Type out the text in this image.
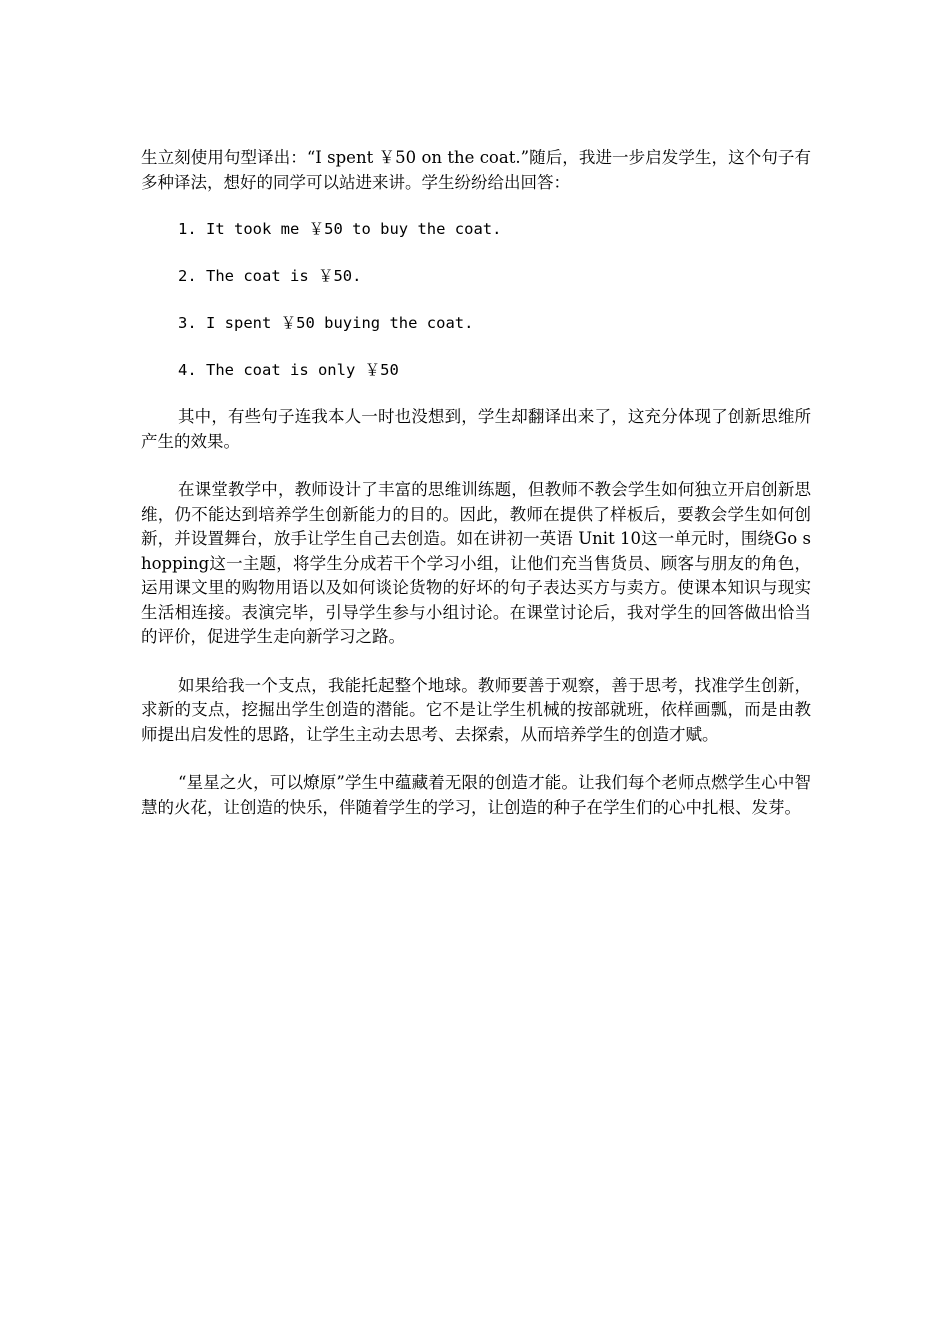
生立刻使用句型译出：“I spent ￥50 on the coat.”随后，我进一步启发学生，这个句子有多种译法，想好的同学可以站进来讲。学生纷纷给出回答：

1. It took me ￥50 to buy the coat.
2. The coat is ￥50.
3. I spent ￥50 buying the coat.
4. The coat is only ￥50

其中，有些句子连我本人一时也没想到，学生却翻译出来了，这充分体现了创新思维所产生的效果。

在课堂教学中，教师设计了丰富的思维训练题，但教师不教会学生如何独立开启创新思维，仍不能达到培养学生创新能力的目的。因此，教师在提供了样板后，要教会学生如何创新，并设置舞台，放手让学生自己去创造。如在讲初一英语 Unit 10这一单元时，围绕Go shopping这一主题，将学生分成若干个学习小组，让他们充当售货员、顾客与朋友的角色，运用课文里的购物用语以及如何谈论货物的好坏的句子表达买方与卖方。使课本知识与现实生活相连接。表演完毕，引导学生参与小组讨论。在课堂讨论后，我对学生的回答做出恰当的评价，促进学生走向新学习之路。

如果给我一个支点，我能托起整个地球。教师要善于观察，善于思考，找准学生创新，求新的支点，挖掘出学生创造的潜能。它不是让学生机械的按部就班，依样画瓢，而是由教师提出启发性的思路，让学生主动去思考、去探索，从而培养学生的创造才赋。

“星星之火，可以燎原”学生中蕴藏着无限的创造才能。让我们每个老师点燃学生心中智慧的火花，让创造的快乐，伴随着学生的学习，让创造的种子在学生们的心中扎根、发芽。
